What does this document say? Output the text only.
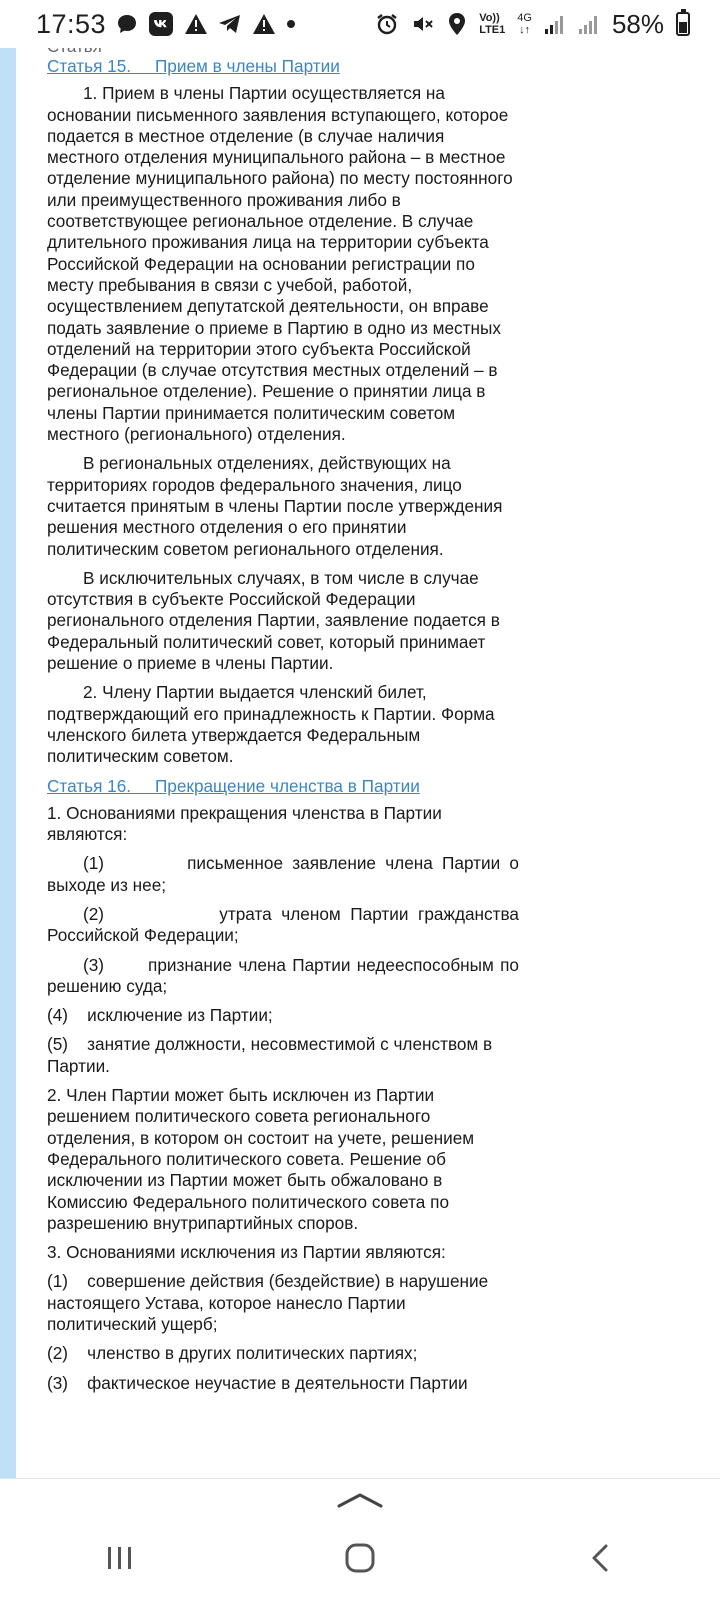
17:53	Vo))
LTE1
4G
↓↑	58%
Статья 15.     Прием в члены Партии

1. Прием в члены Партии осуществляется на основании письменного заявления вступающего, которое подается в местное отделение (в случае наличия местного отделения муниципального района – в местное отделение муниципального района) по месту постоянного или преимущественного проживания либо в соответствующее региональное отделение. В случае длительного проживания лица на территории субъекта Российской Федерации на основании регистрации по месту пребывания в связи с учебой, работой, осуществлением депутатской деятельности, он вправе подать заявление о приеме в Партию в одно из местных отделений на территории этого субъекта Российской Федерации (в случае отсутствия местных отделений – в региональное отделение). Решение о принятии лица в члены Партии принимается политическим советом местного (регионального) отделения.

В региональных отделениях, действующих на территориях городов федерального значения, лицо считается принятым в члены Партии после утверждения решения местного отделения о его принятии политическим советом регионального отделения.

В исключительных случаях, в том числе в случае отсутствия в субъекте Российской Федерации регионального отделения Партии, заявление подается в Федеральный политический совет, который принимает решение о приеме в члены Партии.

2. Члену Партии выдается членский билет, подтверждающий его принадлежность к Партии. Форма членского билета утверждается Федеральным политическим советом.

Статья 16.     Прекращение членства в Партии

1. Основаниями прекращения членства в Партии являются:

(1)	письменное заявление члена Партии о выходе из нее;

(2)	утрата членом Партии гражданства Российской Федерации;

(3)	признание члена Партии недееспособным по решению суда;

(4) исключение из Партии;

(5) занятие должности, несовместимой с членством в Партии.

2. Член Партии может быть исключен из Партии решением политического совета регионального отделения, в котором он состоит на учете, решением Федерального политического совета. Решение об исключении из Партии может быть обжаловано в Комиссию Федерального политического совета по разрешению внутрипартийных споров.

3. Основаниями исключения из Партии являются:

(1) совершение действия (бездействие) в нарушение настоящего Устава, которое нанесло Партии политический ущерб;

(2) членство в других политических партиях;

(3) фактическое неучастие в деятельности Партии
